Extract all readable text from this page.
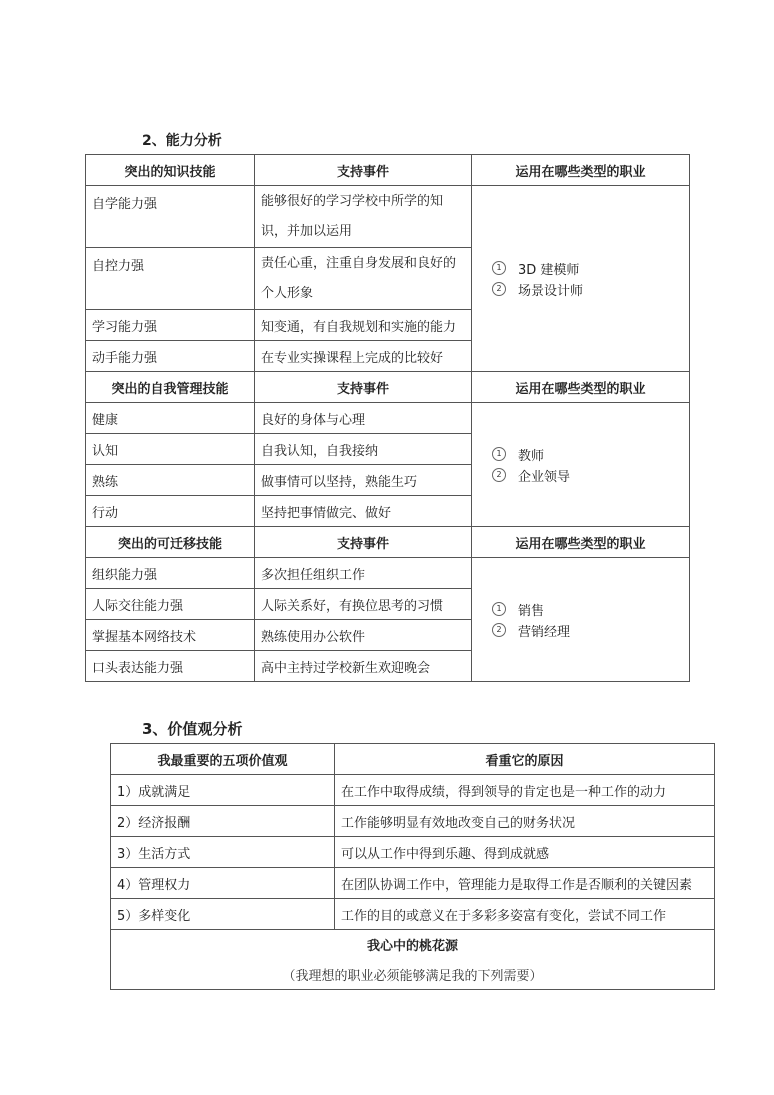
2、能力分析
突出的知识技能	支持事件	运用在哪些类型的职业
自学能力强	能够很好的学习学校中所学的知识，并加以运用	1 3D 建模师
2 场景设计师

自控力强	责任心重，注重自身发展和良好的个人形象	
学习能力强	知变通，有自我规划和实施的能力	
动手能力强	在专业实操课程上完成的比较好	
突出的自我管理技能	支持事件	运用在哪些类型的职业
健康	良好的身体与心理	1 教师
2 企业领导

认知	自我认知，自我接纳	
熟练	做事情可以坚持，熟能生巧	
行动	坚持把事情做完、做好	
突出的可迁移技能	支持事件	运用在哪些类型的职业
组织能力强	多次担任组织工作	1 销售
2 营销经理

人际交往能力强	人际关系好，有换位思考的习惯	
掌握基本网络技术	熟练使用办公软件	
口头表达能力强	高中主持过学校新生欢迎晚会	
3、价值观分析
我最重要的五项价值观	看重它的原因
1）成就满足	在工作中取得成绩，得到领导的肯定也是一种工作的动力
2）经济报酬	工作能够明显有效地改变自己的财务状况
3）生活方式	可以从工作中得到乐趣、得到成就感
4）管理权力	在团队协调工作中，管理能力是取得工作是否顺利的关键因素
5）多样变化	工作的目的或意义在于多彩多姿富有变化，尝试不同工作
我心中的桃花源	
（我理想的职业必须能够满足我的下列需要）	
